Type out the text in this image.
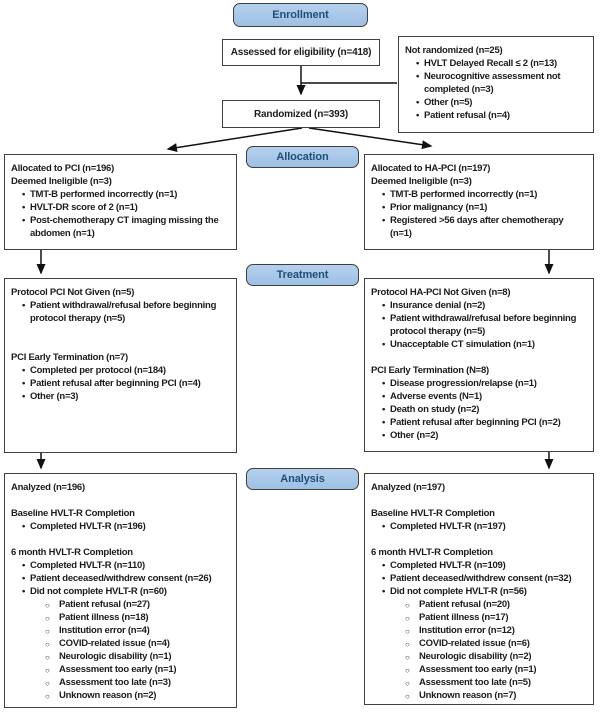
Enrollment
Allocation
Treatment
Analysis
Assessed for eligibility (n=418)	Not randomized (n=25)
• HVLT Delayed Recall ≤ 2 (n=13)
• Neurocognitive assessment not
completed (n=3)
• Other (n=5)
• Patient refusal (n=4)
Randomized (n=393)
Allocated to PCI (n=196)
Deemed Ineligible (n=3)
• TMT-B performed incorrectly (n=1)
• HVLT-DR score of 2 (n=1)
• Post-chemotherapy CT imaging missing the
abdomen (n=1)
Allocated to HA-PCI (n=197)
Deemed Ineligible (n=3)
• TMT-B performed incorrectly (n=1)
• Prior malignancy (n=1)
• Registered >56 days after chemotherapy
(n=1)
Protocol PCI Not Given (n=5)
• Patient withdrawal/refusal before beginning
protocol therapy (n=5)
PCI Early Termination (n=7)
• Completed per protocol (n=184)
• Patient refusal after beginning PCI (n=4)
• Other (n=3)
Protocol HA-PCI Not Given (n=8)
• Insurance denial (n=2)
• Patient withdrawal/refusal before beginning
protocol therapy (n=5)
• Unacceptable CT simulation (n=1)
PCI Early Termination (N=8)
• Disease progression/relapse (n=1)
• Adverse events (N=1)
• Death on study (n=2)
• Patient refusal after beginning PCI (n=2)
• Other (n=2)
Analyzed (n=196)
Baseline HVLT-R Completion
• Completed HVLT-R (n=196)
6 month HVLT-R Completion
• Completed HVLT-R (n=110)
• Patient deceased/withdrew consent (n=26)
• Did not complete HVLT-R (n=60)
○ Patient refusal (n=27)
○ Patient illness (n=18)
○ Institution error (n=4)
○ COVID-related issue (n=4)
○ Neurologic disability (n=1)
○ Assessment too early (n=1)
○ Assessment too late (n=3)
○ Unknown reason (n=2)
Analyzed (n=197)
Baseline HVLT-R Completion
• Completed HVLT-R (n=197)
6 month HVLT-R Completion
• Completed HVLT-R (n=109)
• Patient deceased/withdrew consent (n=32)
• Did not complete HVLT-R (n=56)
○ Patient refusal (n=20)
○ Patient illness (n=17)
○ Institution error (n=12)
○ COVID-related issue (n=6)
○ Neurologic disability (n=2)
○ Assessment too early (n=1)
○ Assessment too late (n=5)
○ Unknown reason (n=7)
